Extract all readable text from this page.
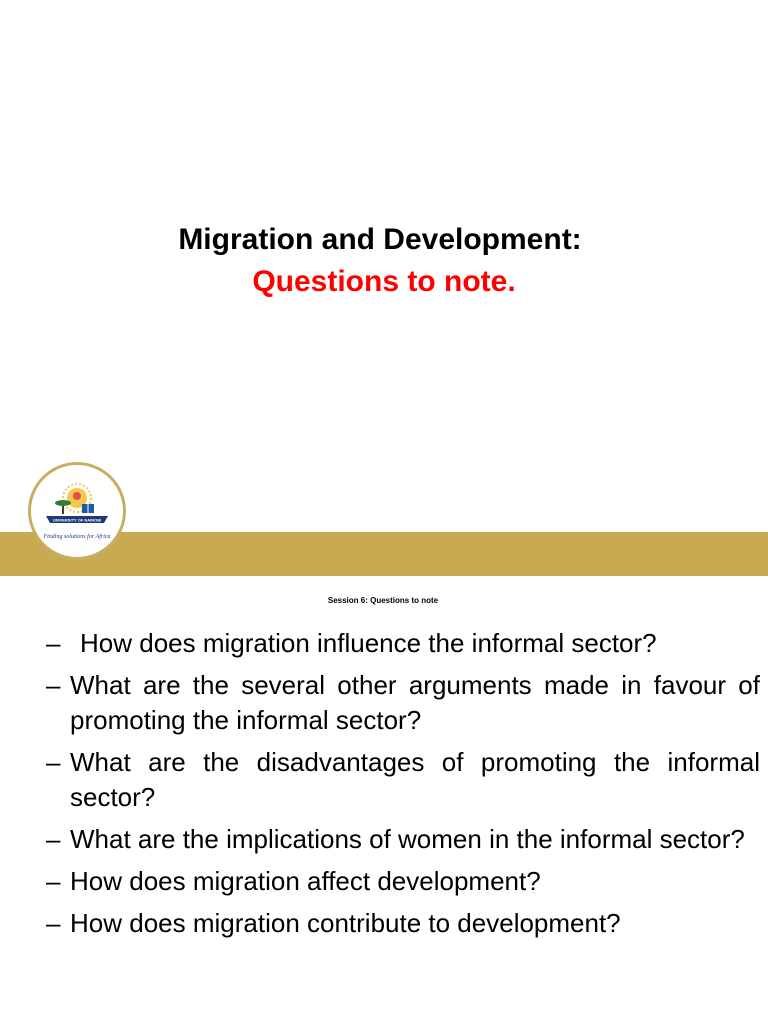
Migration and Development:
Questions to note.
UNIVERSITY OF NAIROBI
Finding solutions for Africa
Session 6: Questions to note
– How does migration influence the informal sector?
– What are the several other arguments made in favour of promoting the informal sector?
– What are the disadvantages of promoting the informal sector?
– What are the implications of women in the informal sector?
– How does migration affect development?
– How does migration contribute to development?
